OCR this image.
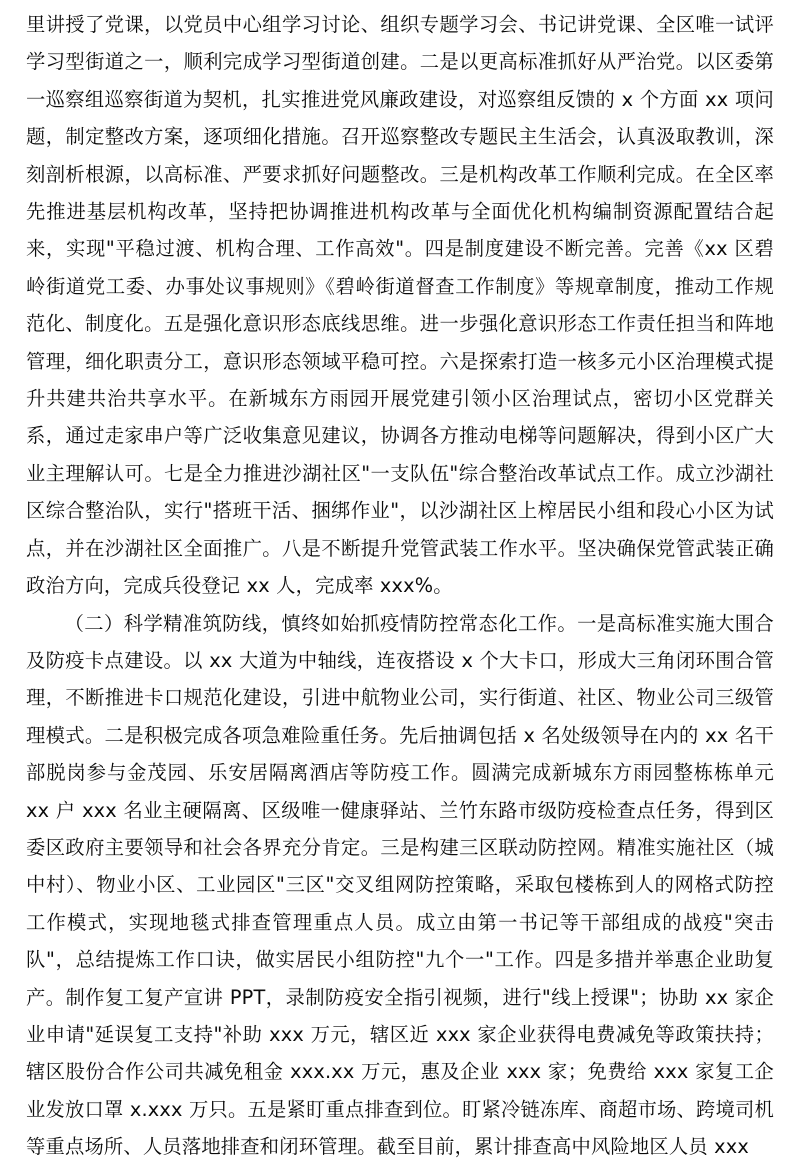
里讲授了党课，以党员中心组学习讨论、组织专题学习会、书记讲党课、全区唯一试评学习型街道之一，顺利完成学习型街道创建。二是以更高标准抓好从严治党。以区委第一巡察组巡察街道为契机，扎实推进党风廉政建设，对巡察组反馈的 x 个方面 xx 项问题，制定整改方案，逐项细化措施。召开巡察整改专题民主生活会，认真汲取教训，深刻剖析根源，以高标准、严要求抓好问题整改。三是机构改革工作顺利完成。在全区率先推进基层机构改革，坚持把协调推进机构改革与全面优化机构编制资源配置结合起来，实现"平稳过渡、机构合理、工作高效"。四是制度建设不断完善。完善《xx 区碧岭街道党工委、办事处议事规则》《碧岭街道督查工作制度》等规章制度，推动工作规范化、制度化。五是强化意识形态底线思维。进一步强化意识形态工作责任担当和阵地管理，细化职责分工，意识形态领域平稳可控。六是探索打造一核多元小区治理模式提升共建共治共享水平。在新城东方雨园开展党建引领小区治理试点，密切小区党群关系，通过走家串户等广泛收集意见建议，协调各方推动电梯等问题解决，得到小区广大业主理解认可。七是全力推进沙湖社区"一支队伍"综合整治改革试点工作。成立沙湖社区综合整治队，实行"搭班干活、捆绑作业"，以沙湖社区上榨居民小组和段心小区为试点，并在沙湖社区全面推广。八是不断提升党管武装工作水平。坚决确保党管武装正确政治方向，完成兵役登记 xx 人，完成率 xxx%。

（二）科学精准筑防线，慎终如始抓疫情防控常态化工作。一是高标准实施大围合及防疫卡点建设。以 xx 大道为中轴线，连夜搭设 x 个大卡口，形成大三角闭环围合管理，不断推进卡口规范化建设，引进中航物业公司，实行街道、社区、物业公司三级管理模式。二是积极完成各项急难险重任务。先后抽调包括 x 名处级领导在内的 xx 名干部脱岗参与金茂园、乐安居隔离酒店等防疫工作。圆满完成新城东方雨园整栋栋单元 xx 户 xxx 名业主硬隔离、区级唯一健康驿站、兰竹东路市级防疫检查点任务，得到区委区政府主要领导和社会各界充分肯定。三是构建三区联动防控网。精准实施社区（城中村）、物业小区、工业园区"三区"交叉组网防控策略，采取包楼栋到人的网格式防控工作模式，实现地毯式排查管理重点人员。成立由第一书记等干部组成的战疫"突击队"，总结提炼工作口诀，做实居民小组防控"九个一"工作。四是多措并举惠企业助复产。制作复工复产宣讲 PPT，录制防疫安全指引视频，进行"线上授课"；协助 xx 家企业申请"延误复工支持"补助 xxx 万元，辖区近 xxx 家企业获得电费减免等政策扶持；辖区股份合作公司共减免租金 xxx.xx 万元，惠及企业 xxx 家；免费给 xxx 家复工企业发放口罩 x.xxx 万只。五是紧盯重点排查到位。盯紧冷链冻库、商超市场、跨境司机等重点场所、人员落地排查和闭环管理。截至目前，累计排查高中风险地区人员 xxx
